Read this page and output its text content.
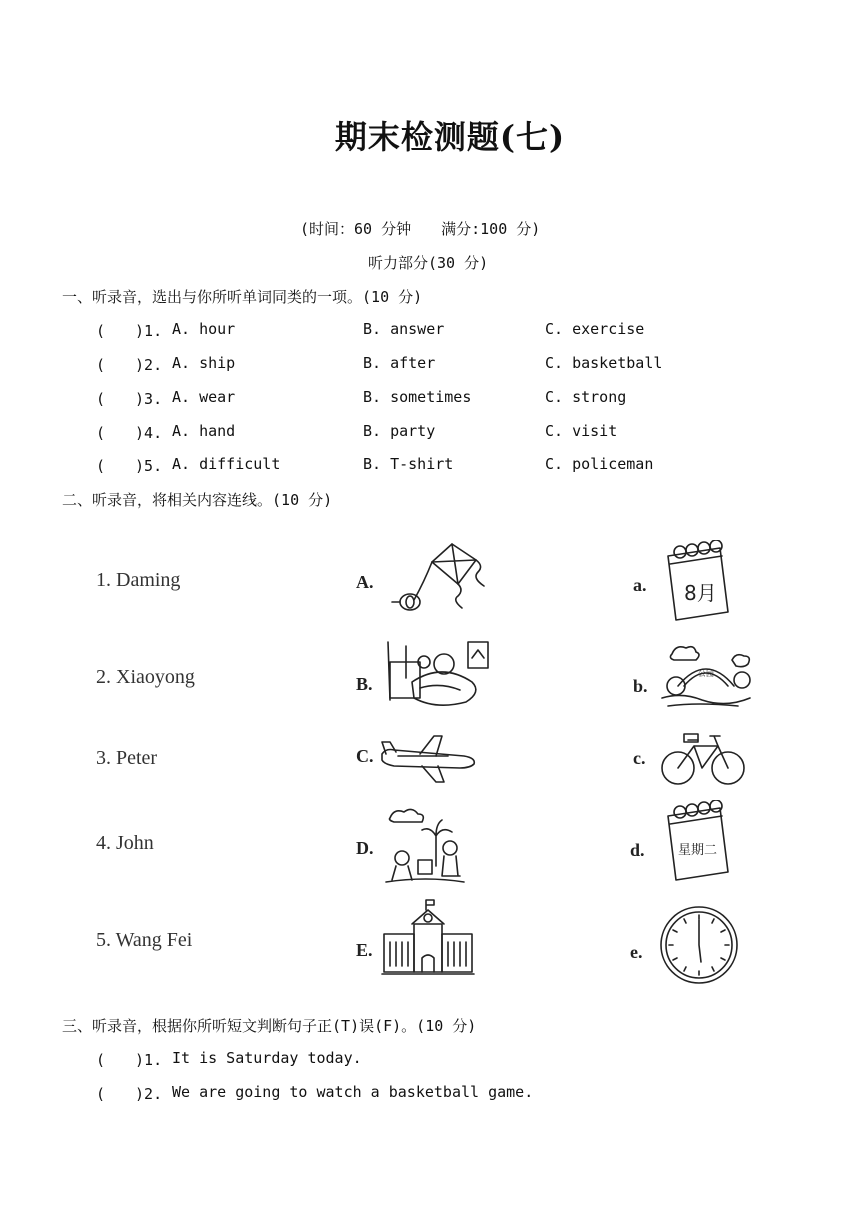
期末检测题(七)
(时间：60 分钟　　满分:100 分)
听力部分(30 分)
一、听录音，选出与你所听单词同类的一项。(10 分)
(　　)1. A. hour	B. answer	C. exercise
(　　)2. A. ship	B. after	C. basketball
(　　)3. A. wear	B. sometimes	C. strong
(　　)4. A. hand	B. party	C. visit
(　　)5. A. difficult	B. T-shirt	C. policeman
二、听录音，将相关内容连线。(10 分)
1. Daming
2. Xiaoyong
3. Peter
4. John
5. Wang Fei
A.
B.
C.
D.
E.
a.
b.
c.
d.
e.
8月
公园
星期二
三、听录音，根据你所听短文判断句子正(T)误(F)。(10 分)
(　　)1. It is Saturday today.
(　　)2. We are going to watch a basketball game.
